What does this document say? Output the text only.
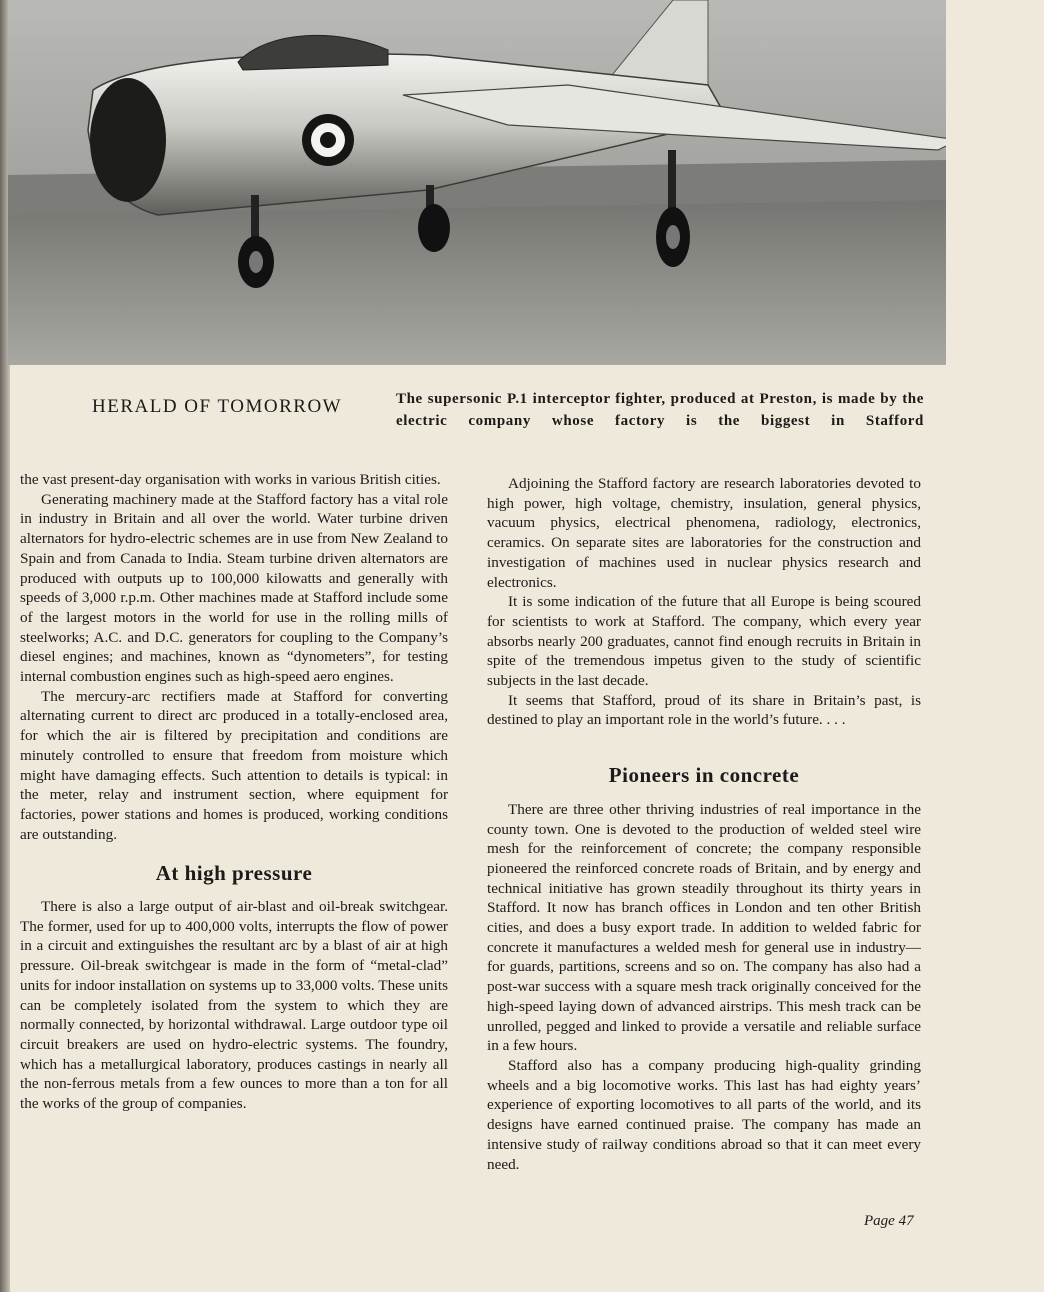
HERALD OF TOMORROW	The supersonic P.1 interceptor fighter, produced at Preston, is made by the electric company whose factory is the biggest in Stafford

the vast present-day organisation with works in various British cities.

Generating machinery made at the Stafford factory has a vital role in industry in Britain and all over the world. Water turbine driven alternators for hydro-electric schemes are in use from New Zealand to Spain and from Canada to India. Steam turbine driven alternators are produced with outputs up to 100,000 kilowatts and generally with speeds of 3,000 r.p.m. Other machines made at Stafford include some of the largest motors in the world for use in the rolling mills of steelworks; A.C. and D.C. generators for coupling to the Company’s diesel engines; and machines, known as “dynometers”, for testing internal combustion engines such as high-speed aero engines.

The mercury-arc rectifiers made at Stafford for converting alternating current to direct arc produced in a totally-enclosed area, for which the air is filtered by precipitation and conditions are minutely controlled to ensure that freedom from moisture which might have damaging effects. Such attention to details is typical: in the meter, relay and instrument section, where equipment for factories, power stations and homes is produced, working conditions are outstanding.

At high pressure

There is also a large output of air-blast and oil-break switchgear. The former, used for up to 400,000 volts, interrupts the flow of power in a circuit and extinguishes the resultant arc by a blast of air at high pressure. Oil-break switchgear is made in the form of “metal-clad” units for indoor installation on systems up to 33,000 volts. These units can be completely isolated from the system to which they are normally connected, by horizontal withdrawal. Large outdoor type oil circuit breakers are used on hydro-electric systems. The foundry, which has a metallurgical laboratory, produces castings in nearly all the non-ferrous metals from a few ounces to more than a ton for all the works of the group of companies.

Adjoining the Stafford factory are research laboratories devoted to high power, high voltage, chemistry, insulation, general physics, vacuum physics, electrical phenomena, radiology, electronics, ceramics. On separate sites are laboratories for the construction and investigation of machines used in nuclear physics research and electronics.

It is some indication of the future that all Europe is being scoured for scientists to work at Stafford. The company, which every year absorbs nearly 200 graduates, cannot find enough recruits in Britain in spite of the tremendous impetus given to the study of scientific subjects in the last decade.

It seems that Stafford, proud of its share in Britain’s past, is destined to play an important role in the world’s future. . . .

Pioneers in concrete

There are three other thriving industries of real importance in the county town. One is devoted to the production of welded steel wire mesh for the reinforcement of concrete; the company responsible pioneered the reinforced concrete roads of Britain, and by energy and technical initiative has grown steadily throughout its thirty years in Stafford. It now has branch offices in London and ten other British cities, and does a busy export trade. In addition to welded fabric for concrete it manufactures a welded mesh for general use in industry—for guards, partitions, screens and so on. The company has also had a post-war success with a square mesh track originally conceived for the high-speed laying down of advanced airstrips. This mesh track can be unrolled, pegged and linked to provide a versatile and reliable surface in a few hours.

Stafford also has a company producing high-quality grinding wheels and a big locomotive works. This last has had eighty years’ experience of exporting locomotives to all parts of the world, and its designs have earned continued praise. The company has made an intensive study of railway conditions abroad so that it can meet every need.

Page 47
